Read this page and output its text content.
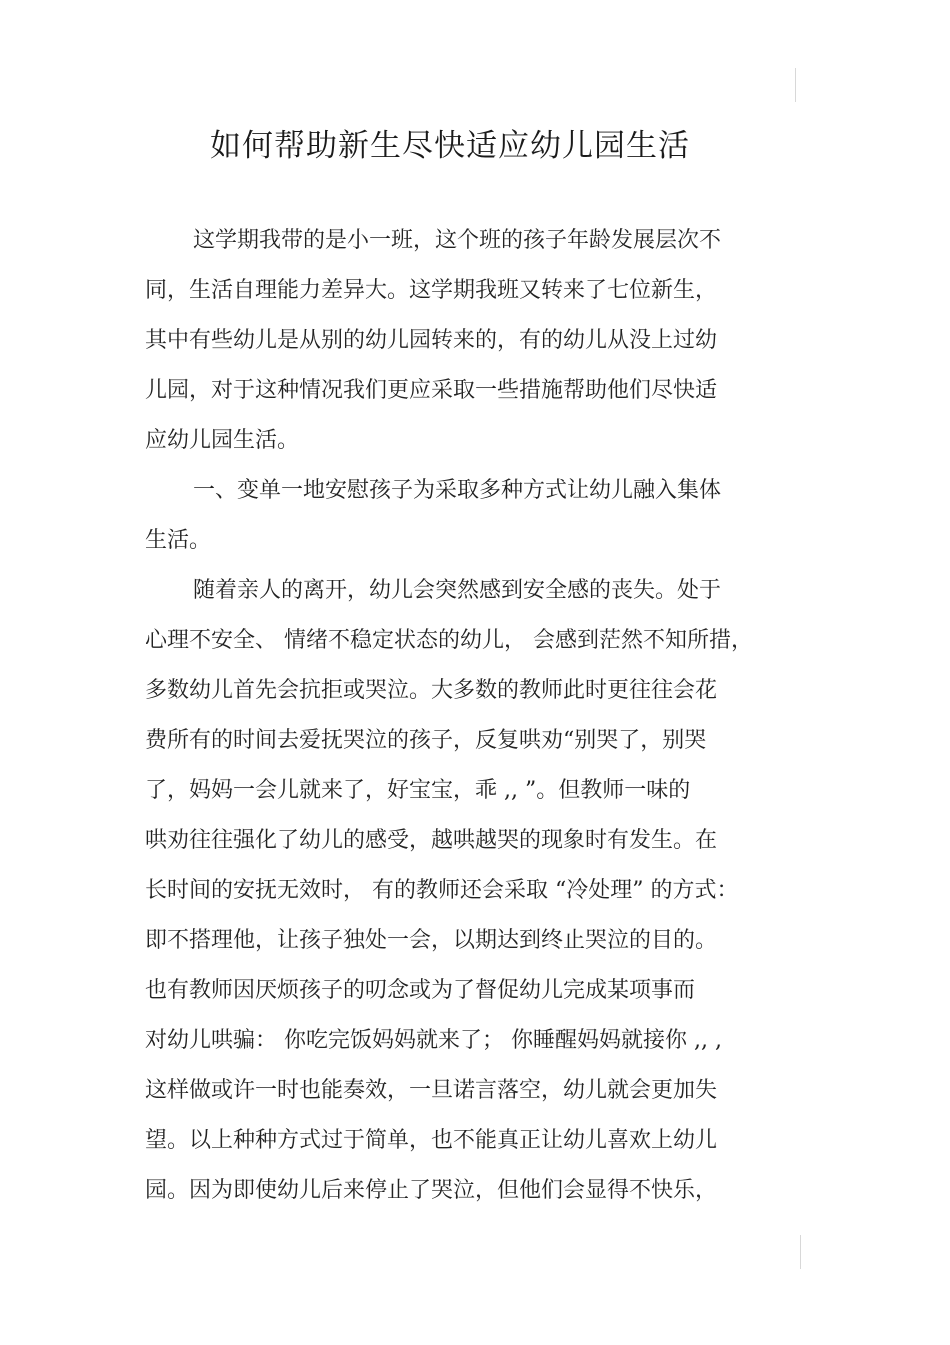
如何帮助新生尽快适应幼儿园生活
这学期我带的是小一班，这个班的孩子年龄发展层次不
同，生活自理能力差异大。这学期我班又转来了七位新生，
其中有些幼儿是从别的幼儿园转来的，有的幼儿从没上过幼
儿园，对于这种情况我们更应采取一些措施帮助他们尽快适
应幼儿园生活。
一、变单一地安慰孩子为采取多种方式让幼儿融入集体
生活。
随着亲人的离开，幼儿会突然感到安全感的丧失。处于
心理不安全、 情绪不稳定状态的幼儿， 会感到茫然不知所措，
多数幼儿首先会抗拒或哭泣。大多数的教师此时更往往会花
费所有的时间去爱抚哭泣的孩子，反复哄劝“别哭了，别哭
了，妈妈一会儿就来了，好宝宝，乖 ,, ”。但教师一味的
哄劝往往强化了幼儿的感受，越哄越哭的现象时有发生。在
长时间的安抚无效时， 有的教师还会采取 “冷处理” 的方式：
即不搭理他，让孩子独处一会，以期达到终止哭泣的目的。
也有教师因厌烦孩子的叨念或为了督促幼儿完成某项事而
对幼儿哄骗： 你吃完饭妈妈就来了； 你睡醒妈妈就接你 ,, ,
这样做或许一时也能奏效，一旦诺言落空，幼儿就会更加失
望。以上种种方式过于简单，也不能真正让幼儿喜欢上幼儿
园。因为即使幼儿后来停止了哭泣，但他们会显得不快乐，
